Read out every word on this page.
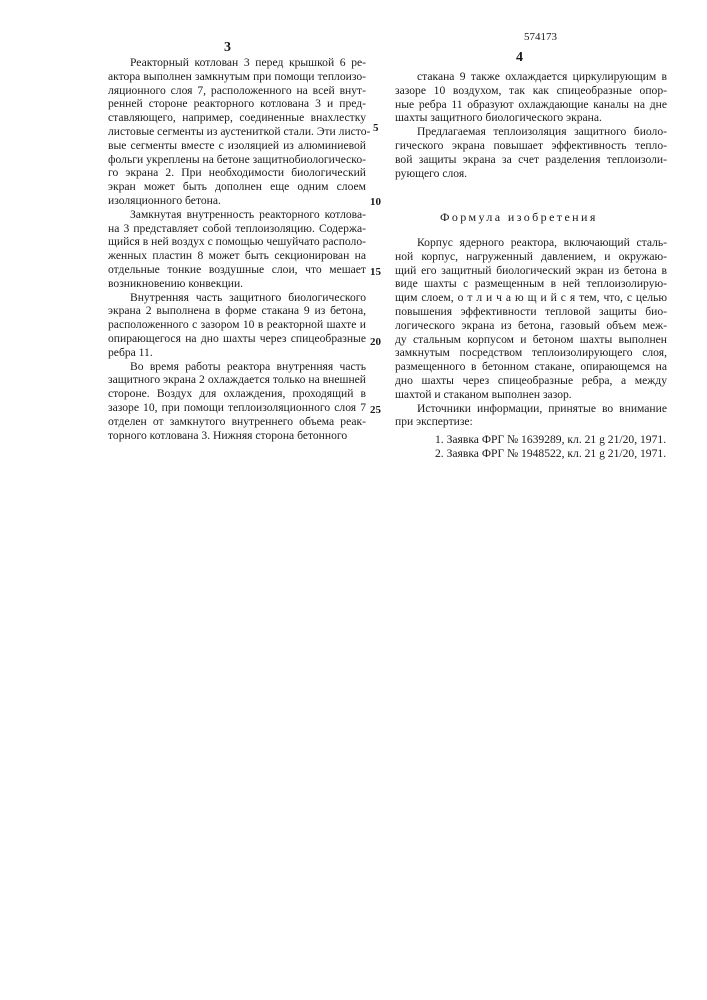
574173
3
4
5
10
15
20
25
Реакторный котлован 3 перед крышкой 6 ре-
актора выполнен замкнутым при помощи теплоизо-
ляционного слоя 7, расположенного на всей внут-
ренней стороне реакторного котлована 3 и пред-
ставляющего, например, соединенные внахлестку
листовые сегменты из аустениткой стали. Эти листо-
вые сегменты вместе с изоляцией из алюминиевой
фольги укреплены на бетоне защитнобиологическо-
го экрана 2. При необходимости биологический
экран может быть дополнен еще одним слоем
изоляционного бетона.
Замкнутая внутренность реакторного котлова-
на 3 представляет собой теплоизоляцию. Содержа-
щийся в ней воздух с помощью чешуйчато располо-
женных пластин 8 может быть секционирован на
отдельные тонкие воздушные слои, что мешает
возникновению конвекции.
Внутренняя часть защитного биологического
экрана 2 выполнена в форме стакана 9 из бетона,
расположенного с зазором 10 в реакторной шахте и
опирающегося на дно шахты через спицеобразные
ребра 11.
Во время работы реактора внутренняя часть
защитного экрана 2 охлаждается только на внешней
стороне. Воздух для охлаждения, проходящий в
зазоре 10, при помощи теплоизоляционного слоя 7
отделен от замкнутого внутреннего объема реак-
торного котлована 3. Нижняя сторона бетонного
стакана 9 также охлаждается циркулирующим в
зазоре 10 воздухом, так как спицеобразные опор-
ные ребра 11 образуют охлаждающие каналы на дне
шахты защитного биологического экрана.
Предлагаемая теплоизоляция защитного биоло-
гического экрана повышает эффективность тепло-
вой защиты экрана за счет разделения теплоизоли-
рующего слоя.
Формула изобретения
Корпус ядерного реактора, включающий сталь-
ной корпус, нагруженный давлением, и окружаю-
щий его защитный биологический экран из бетона в
виде шахты с размещенным в ней теплоизолирую-
щим слоем, о т л и ч а ю щ и й с я тем, что, с целью
повышения эффективности тепловой защиты био-
логического экрана из бетона, газовый объем меж-
ду стальным корпусом и бетоном шахты выполнен
замкнутым посредством теплоизолирующего слоя,
размещенного в бетонном стакане, опирающемся на
дно шахты через спицеобразные ребра, а между
шахтой и стаканом выполнен зазор.
Источники информации, принятые во внимание
при экспертизе:
1. Заявка ФРГ № 1639289, кл. 21 g 21/20, 1971.
2. Заявка ФРГ № 1948522, кл. 21 g 21/20, 1971.
